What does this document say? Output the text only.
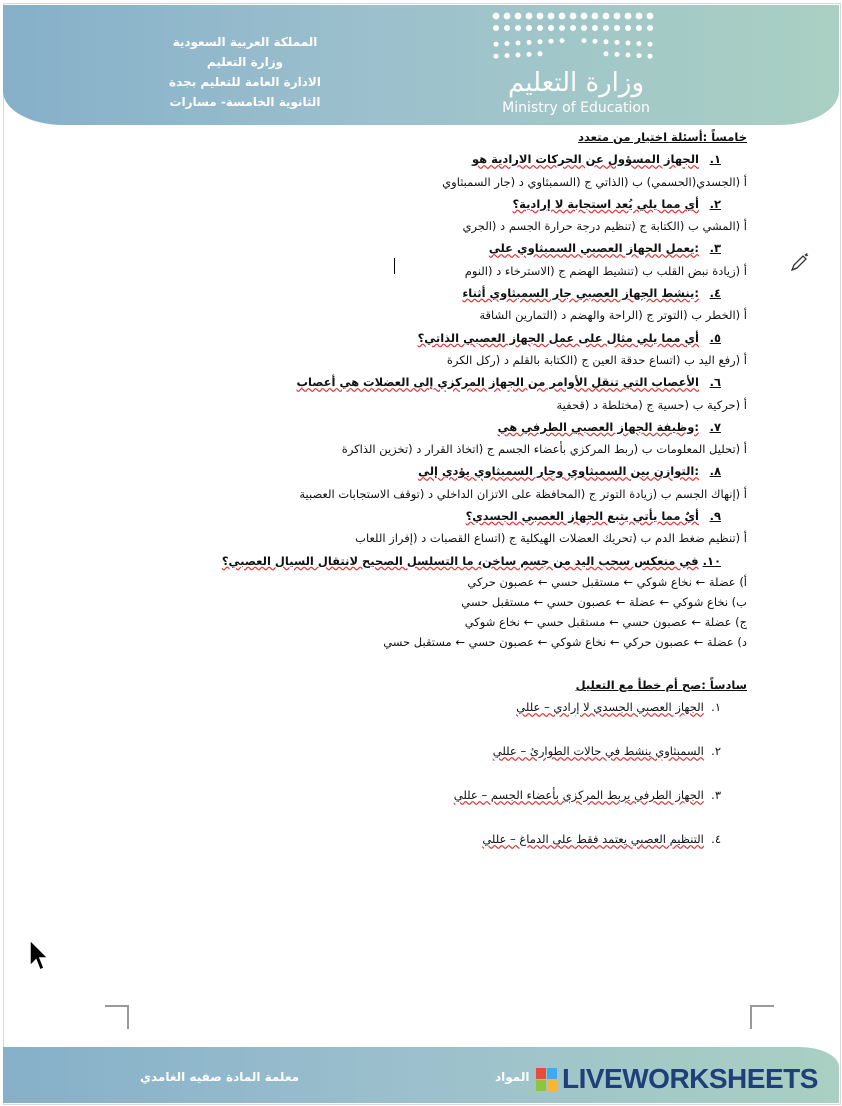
المملكة العربية السعودية
وزارة التعليم
الادارة العامة للتعليم بجدة
الثانوية الخامسة- مسارات
وزارة التعليم
Ministry of Education
خامساً :أسئلة اختيار من متعدد
١. الجهاز المسؤول عن الحركات الارادية هو
أ (الجسدي(الحسمي) ب (الذاتي ج (السمبثاوي د (جار السمبثاوي
٢. أي مما يلي يُعد استجابة لا إرادية؟
أ (المشي ب (الكتابة ج (تنظيم درجة حرارة الجسم د (الجري
٣. :يعمل الجهاز العصبي السمبثاوي على
أ (زيادة نبض القلب ب (تنشيط الهضم ج (الاسترخاء د (النوم
٤. :ينشط الجهاز العصبي جار السمبثاوي أثناء
أ (الخطر ب (التوتر ج (الراحة والهضم د (التمارين الشاقة
٥. أي مما يلي مثال على عمل الجهاز العصبي الذاتي؟
أ (رفع اليد ب (اتساع حدقة العين ج (الكتابة بالقلم د (ركل الكرة
٦. الأعصاب التي تنقل الأوامر من الجهاز المركزي إلى العضلات هي أعصاب
أ (حركية ب (حسية ج (مختلطة د (قحفية
٧. :وظيفة الجهاز العصبي الطرفي هي
أ (تحليل المعلومات ب (ربط المركزي بأعضاء الجسم ج (اتخاذ القرار د (تخزين الذاكرة
٨. :التوازن بين السمبثاوي وجار السمبثاوي يؤدي إلى
أ (إنهاك الجسم ب (زيادة التوتر ج (المحافظة على الاتزان الداخلي د (توقف الاستجابات العصبية
٩. أيٌ مما يأتي يتبع الجهاز العصبي الجسدي؟
أ (تنظيم ضغط الدم ب (تحريك العضلات الهيكلية ج (اتساع القصبات د (إفراز اللعاب
١٠. في منعكس سحب اليد من جسم ساخن، ما التسلسل الصحيح لانتقال السيال العصبي؟
أ) عضلة ← نخاع شوكي ← مستقبل حسي ← عصبون حركي
ب) نخاع شوكي ← عضلة ← عصبون حسي ← مستقبل حسي
ج) عضلة ← عصبون حسي ← مستقبل حسي ← نخاع شوكي
د) عضلة ← عصبون حركي ← نخاع شوكي ← عصبون حسي ← مستقبل حسي
سادساً :صح أم خطأ مع التعليل
١.  الجهاز العصبي الجسدي لا إرادي – عللي
٢.  السمبثاوي ينشط في حالات الطوارئ – عللي
٣.  الجهاز الطرفي يربط المركزي بأعضاء الجسم – عللي
٤.  التنظيم العصبي يعتمد فقط على الدماغ – عللي
معلمة المادة صفيه الغامدي	المواد LIVEWORKSHEETS
